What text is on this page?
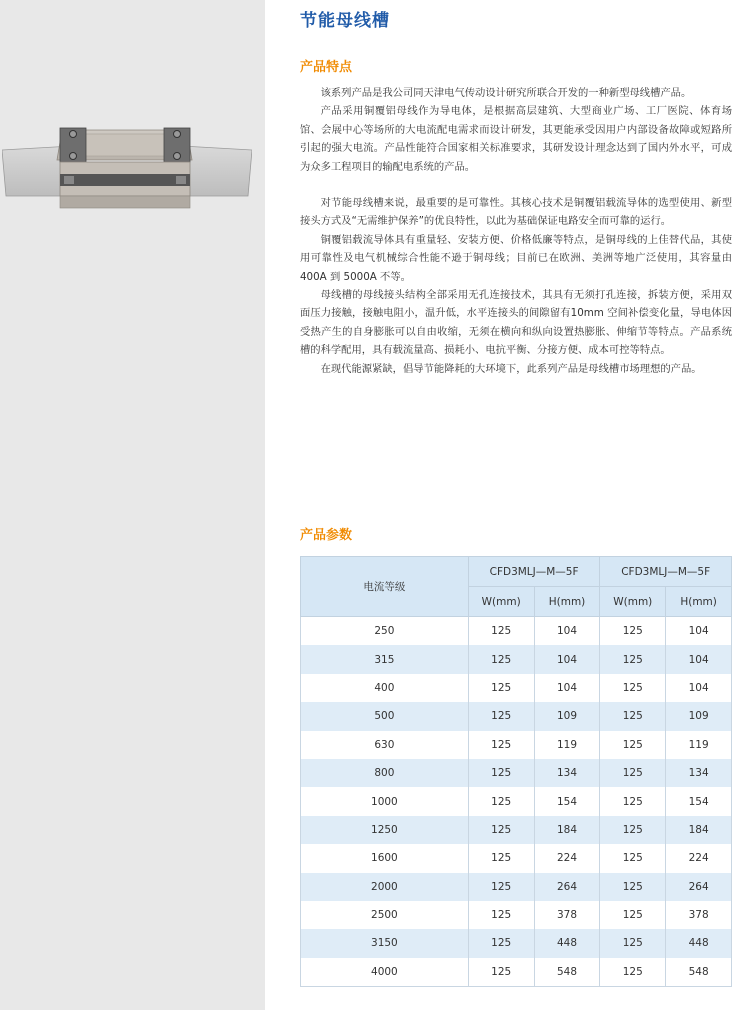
节能母线槽
产品特点

该系列产品是我公司同天津电气传动设计研究所联合开发的一种新型母线槽产品。

产品采用铜覆铝母线作为导电体，是根据高层建筑、大型商业广场、工厂医院、体育场馆、会展中心等场所的大电流配电需求而设计研发，其更能承受因用户内部设备故障或短路所引起的强大电流。产品性能符合国家相关标准要求，其研发设计理念达到了国内外水平，可成为众多工程项目的输配电系统的产品。

对节能母线槽来说，最重要的是可靠性。其核心技术是铜覆铝载流导体的选型使用、新型接头方式及“无需维护保养”的优良特性，以此为基础保证电路安全而可靠的运行。

铜覆铝载流导体具有重量轻、安装方便、价格低廉等特点，是铜母线的上佳替代品，其使用可靠性及电气机械综合性能不逊于铜母线；目前已在欧洲、美洲等地广泛使用，其容量由 400A 到 5000A 不等。

母线槽的母线接头结构全部采用无孔连接技术，其具有无须打孔连接，拆装方便，采用双面压力接触，接触电阻小，温升低，水平连接头的间隙留有10mm 空间补偿变化量，导电体因受热产生的自身膨胀可以自由收缩，无须在横向和纵向设置热膨胀、伸缩节等特点。产品系统槽的科学配用，具有载流量高、损耗小、电抗平衡、分接方便、成本可控等特点。

在现代能源紧缺，倡导节能降耗的大环境下，此系列产品是母线槽市场理想的产品。

产品参数
电流等级	CFD3MLJ—M—5F		CFD3MLJ—M—5F	
	W(mm)	H(mm)	W(mm)	H(mm)
250	125	104	125	104
315	125	104	125	104
400	125	104	125	104
500	125	109	125	109
630	125	119	125	119
800	125	134	125	134
1000	125	154	125	154
1250	125	184	125	184
1600	125	224	125	224
2000	125	264	125	264
2500	125	378	125	378
3150	125	448	125	448
4000	125	548	125	548
